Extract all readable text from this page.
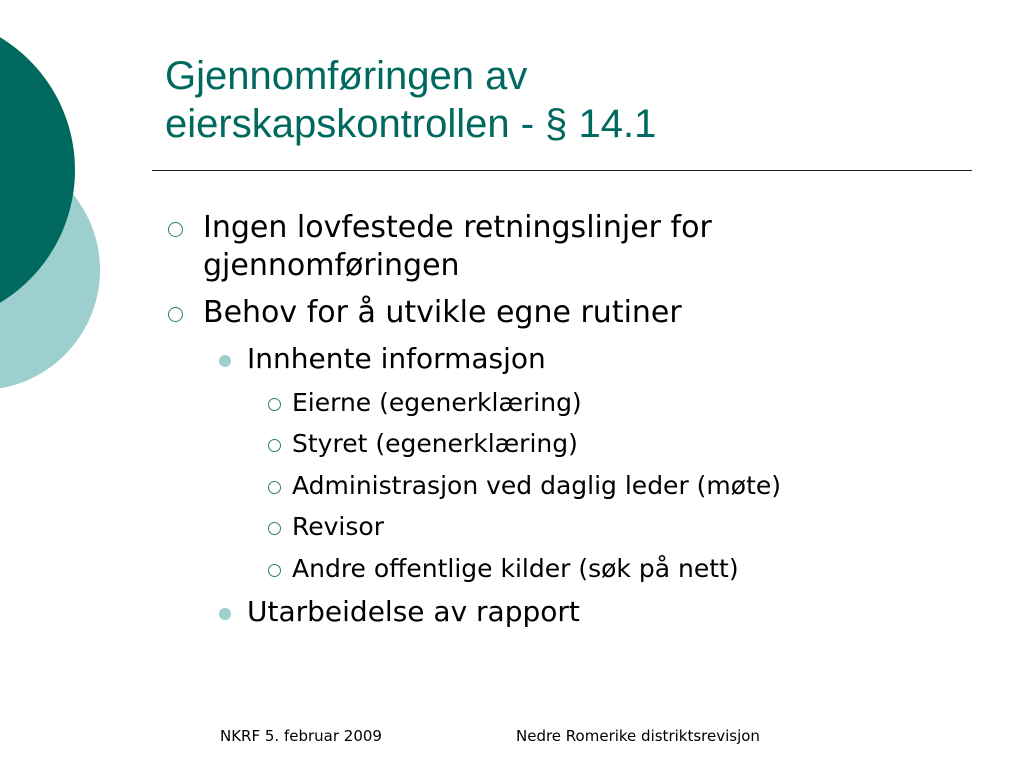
Gjennomføringen av
eierskapskontrollen - § 14.1
Ingen lovfestede retningslinjer for
gjennomføringen
Behov for å utvikle egne rutiner
Innhente informasjon
Eierne (egenerklæring)
Styret (egenerklæring)
Administrasjon ved daglig leder (møte)
Revisor
Andre offentlige kilder (søk på nett)
Utarbeidelse av rapport
NKRF 5. februar 2009	Nedre Romerike distriktsrevisjon
